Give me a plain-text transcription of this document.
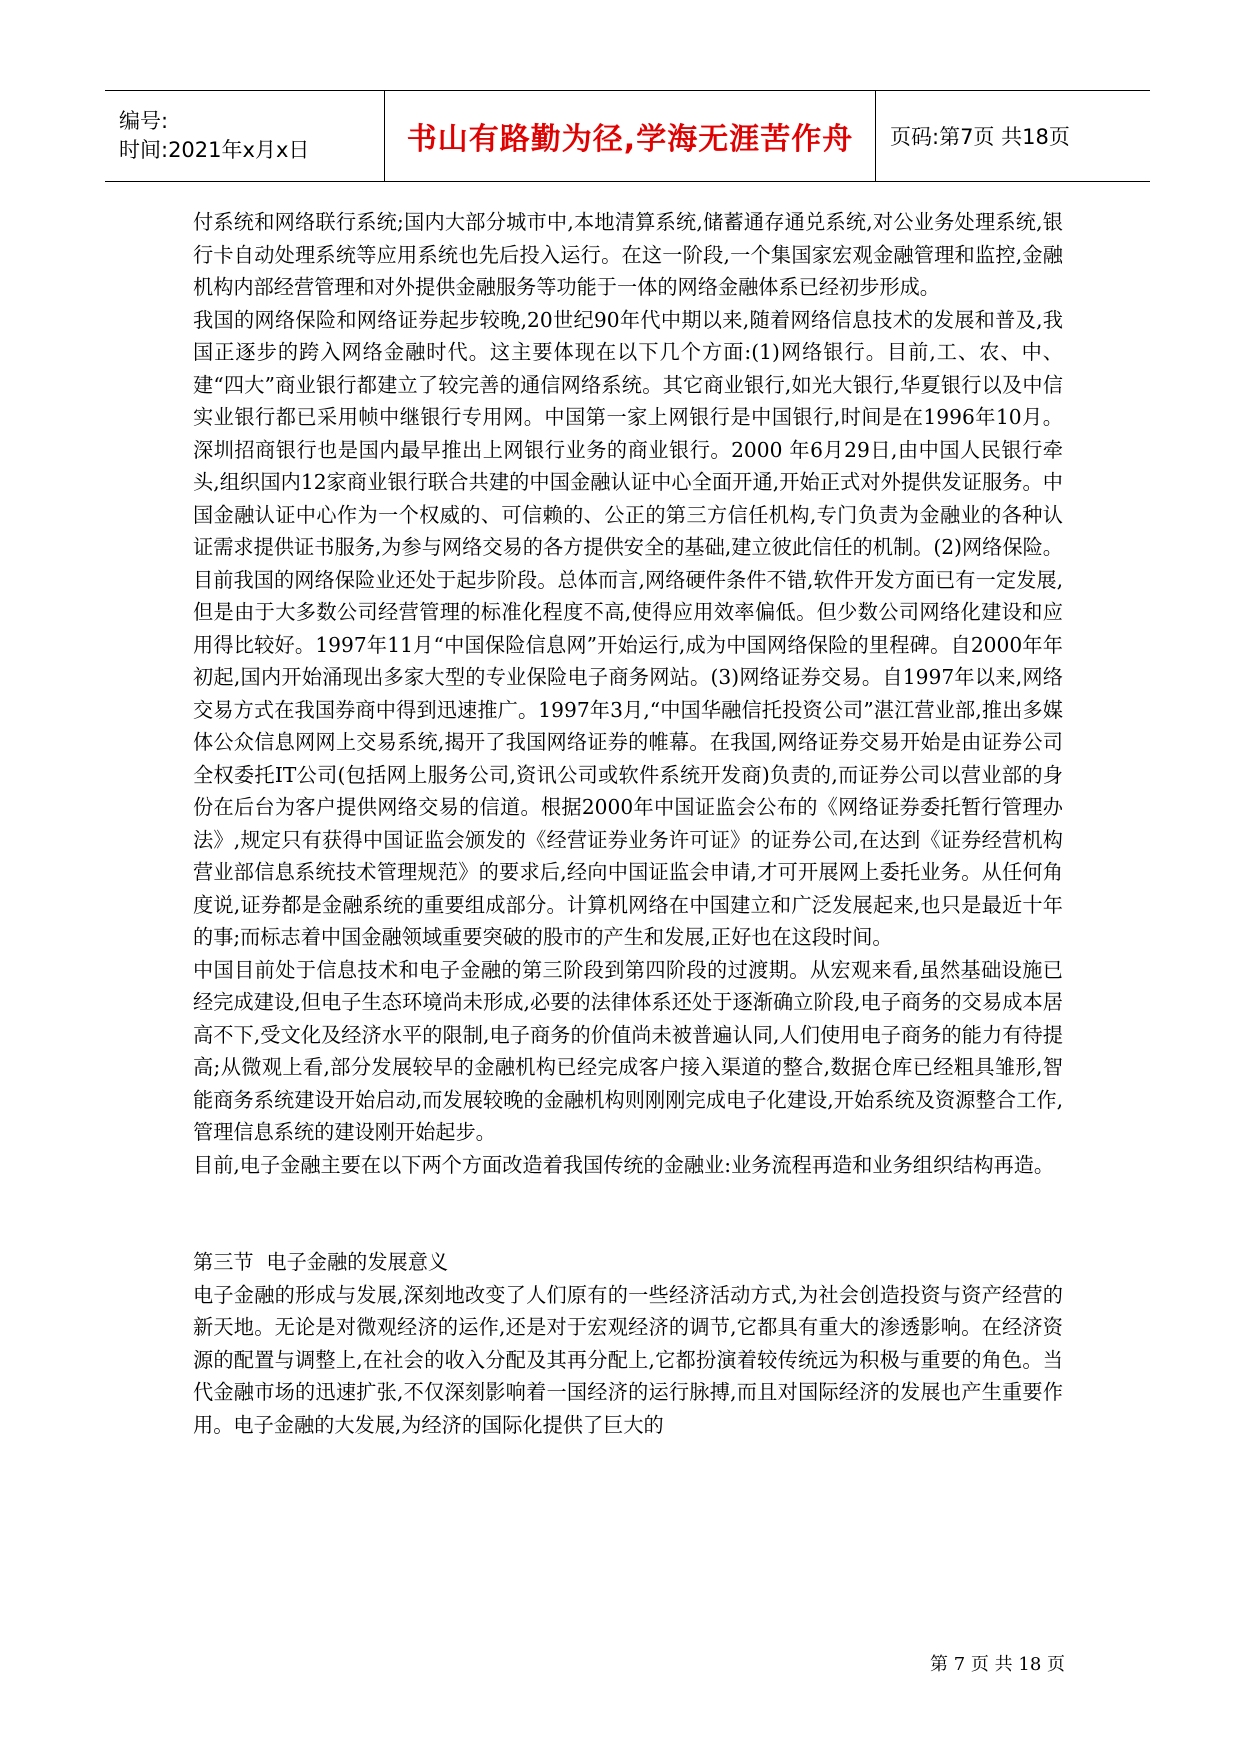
编号:
时间:2021年x月x日	书山有路勤为径,学海无涯苦作舟	页码:第7页 共18页

付系统和网络联行系统;国内大部分城市中,本地清算系统,储蓄通存通兑系统,对公业务处理系统,银行卡自动处理系统等应用系统也先后投入运行。在这一阶段,一个集国家宏观金融管理和监控,金融机构内部经营管理和对外提供金融服务等功能于一体的网络金融体系已经初步形成。

我国的网络保险和网络证券起步较晚,20世纪90年代中期以来,随着网络信息技术的发展和普及,我国正逐步的跨入网络金融时代。这主要体现在以下几个方面:(1)网络银行。目前,工、农、中、建“四大”商业银行都建立了较完善的通信网络系统。其它商业银行,如光大银行,华夏银行以及中信实业银行都已采用帧中继银行专用网。中国第一家上网银行是中国银行,时间是在1996年10月。深圳招商银行也是国内最早推出上网银行业务的商业银行。2000 年6月29日,由中国人民银行牵头,组织国内12家商业银行联合共建的中国金融认证中心全面开通,开始正式对外提供发证服务。中国金融认证中心作为一个权威的、可信赖的、公正的第三方信任机构,专门负责为金融业的各种认证需求提供证书服务,为参与网络交易的各方提供安全的基础,建立彼此信任的机制。(2)网络保险。目前我国的网络保险业还处于起步阶段。总体而言,网络硬件条件不错,软件开发方面已有一定发展,但是由于大多数公司经营管理的标准化程度不高,使得应用效率偏低。但少数公司网络化建设和应用得比较好。1997年11月“中国保险信息网”开始运行,成为中国网络保险的里程碑。自2000年年初起,国内开始涌现出多家大型的专业保险电子商务网站。(3)网络证券交易。自1997年以来,网络交易方式在我国券商中得到迅速推广。1997年3月,“中国华融信托投资公司”湛江营业部,推出多媒体公众信息网网上交易系统,揭开了我国网络证券的帷幕。在我国,网络证券交易开始是由证券公司全权委托IT公司(包括网上服务公司,资讯公司或软件系统开发商)负责的,而证券公司以营业部的身份在后台为客户提供网络交易的信道。根据2000年中国证监会公布的《网络证券委托暂行管理办法》,规定只有获得中国证监会颁发的《经营证券业务许可证》的证券公司,在达到《证券经营机构营业部信息系统技术管理规范》的要求后,经向中国证监会申请,才可开展网上委托业务。从任何角度说,证券都是金融系统的重要组成部分。计算机网络在中国建立和广泛发展起来,也只是最近十年的事;而标志着中国金融领域重要突破的股市的产生和发展,正好也在这段时间。

中国目前处于信息技术和电子金融的第三阶段到第四阶段的过渡期。从宏观来看,虽然基础设施已经完成建设,但电子生态环境尚未形成,必要的法律体系还处于逐渐确立阶段,电子商务的交易成本居高不下,受文化及经济水平的限制,电子商务的价值尚未被普遍认同,人们使用电子商务的能力有待提高;从微观上看,部分发展较早的金融机构已经完成客户接入渠道的整合,数据仓库已经粗具雏形,智能商务系统建设开始启动,而发展较晚的金融机构则刚刚完成电子化建设,开始系统及资源整合工作,管理信息系统的建设刚开始起步。

目前,电子金融主要在以下两个方面改造着我国传统的金融业:业务流程再造和业务组织结构再造。

第三节  电子金融的发展意义

电子金融的形成与发展,深刻地改变了人们原有的一些经济活动方式,为社会创造投资与资产经营的新天地。无论是对微观经济的运作,还是对于宏观经济的调节,它都具有重大的渗透影响。在经济资源的配置与调整上,在社会的收入分配及其再分配上,它都扮演着较传统远为积极与重要的角色。当代金融市场的迅速扩张,不仅深刻影响着一国经济的运行脉搏,而且对国际经济的发展也产生重要作用。电子金融的大发展,为经济的国际化提供了巨大的

第 7 页 共 18 页
